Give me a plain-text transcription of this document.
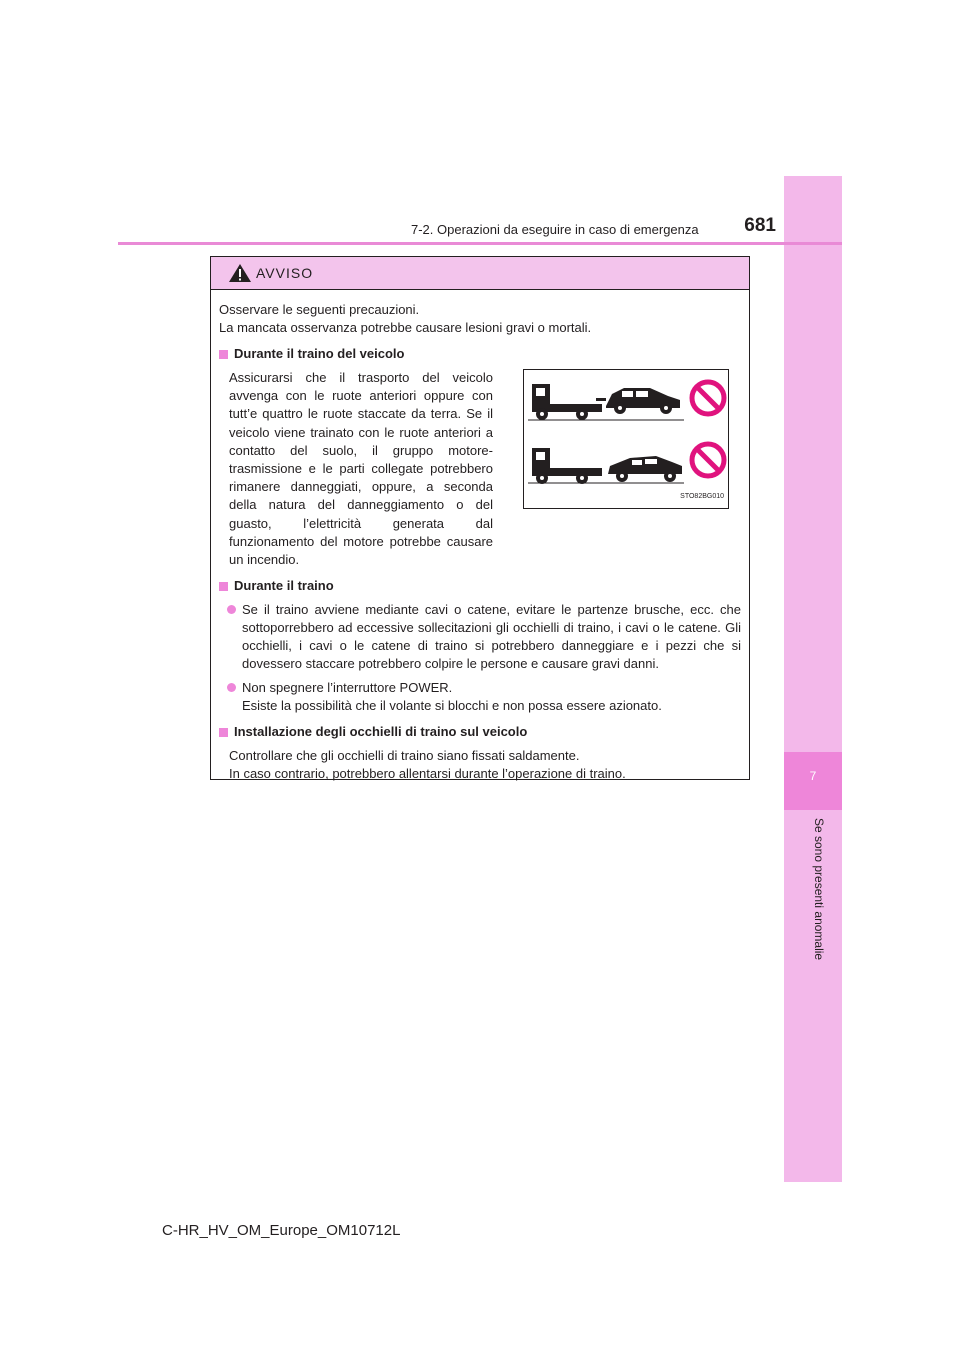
7
Se sono presenti anomalie
7-2. Operazioni da eseguire in caso di emergenza	681
AVVISO
Osservare le seguenti precauzioni.
La mancata osservanza potrebbe causare lesioni gravi o mortali.
Durante il traino del veicolo
Assicurarsi che il trasporto del veicolo avvenga con le ruote anteriori oppure con tutt’e quattro le ruote staccate da terra. Se il veicolo viene trainato con le ruote anteriori a contatto del suolo, il gruppo motore-trasmissione e le parti collegate potrebbero rimanere danneggiati, oppure, a seconda della natura del danneggiamento o del guasto, l’elettricità generata dal funzionamento del motore potrebbe causare un incendio.
STO82BG010
Durante il traino
Se il traino avviene mediante cavi o catene, evitare le partenze brusche, ecc. che sottoporrebbero ad eccessive sollecitazioni gli occhielli di traino, i cavi o le catene. Gli occhielli, i cavi o le catene di traino si potrebbero danneggiare e i pezzi che si dovessero staccare potrebbero colpire le persone e causare gravi danni.
Non spegnere l’interruttore POWER.
Esiste la possibilità che il volante si blocchi e non possa essere azionato.
Installazione degli occhielli di traino sul veicolo
Controllare che gli occhielli di traino siano fissati saldamente.
In caso contrario, potrebbero allentarsi durante l’operazione di traino.
C-HR_HV_OM_Europe_OM10712L
